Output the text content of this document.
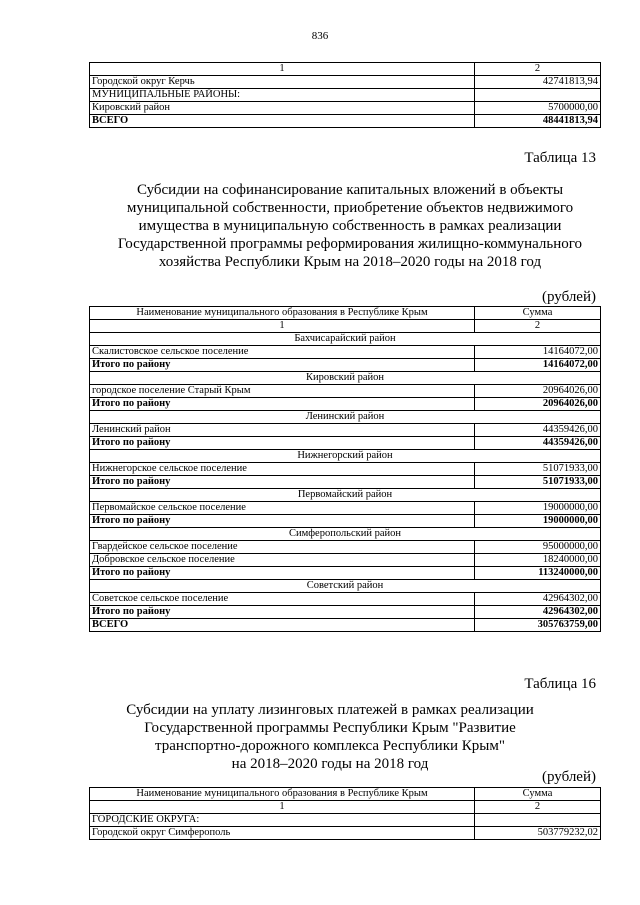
836
1	2
Городской округ Керчь	42741813,94
МУНИЦИПАЛЬНЫЕ РАЙОНЫ:	
Кировский район	5700000,00
ВСЕГО	48441813,94
Таблица 13
Субсидии на софинансирование капитальных вложений в объекты
муниципальной собственности, приобретение объектов недвижимого
имущества в муниципальную собственность в рамках реализации
Государственной программы реформирования жилищно-коммунального
хозяйства Республики Крым на 2018–2020 годы на 2018 год
(рублей)
Наименование муниципального образования в Республике Крым	Сумма
1	2
Бахчисарайский район	
Скалистовское сельское поселение	14164072,00
Итого по району	14164072,00
Кировский район	
городское поселение Старый Крым	20964026,00
Итого по району	20964026,00
Ленинский район	
Ленинский район	44359426,00
Итого по району	44359426,00
Нижнегорский район	
Нижнегорское сельское поселение	51071933,00
Итого по району	51071933,00
Первомайский район	
Первомайское сельское поселение	19000000,00
Итого по району	19000000,00
Симферопольский район	
Гвардейское сельское поселение	95000000,00
Добровское сельское поселение	18240000,00
Итого по району	113240000,00
Советский район	
Советское сельское поселение	42964302,00
Итого по району	42964302,00
ВСЕГО	305763759,00
Таблица 16
Субсидии на уплату лизинговых платежей в рамках реализации
Государственной программы Республики Крым "Развитие
транспортно-дорожного комплекса Республики Крым"
на 2018–2020 годы на 2018 год
(рублей)
Наименование муниципального образования в Республике Крым	Сумма
1	2
ГОРОДСКИЕ ОКРУГА:	
Городской округ Симферополь	503779232,02
